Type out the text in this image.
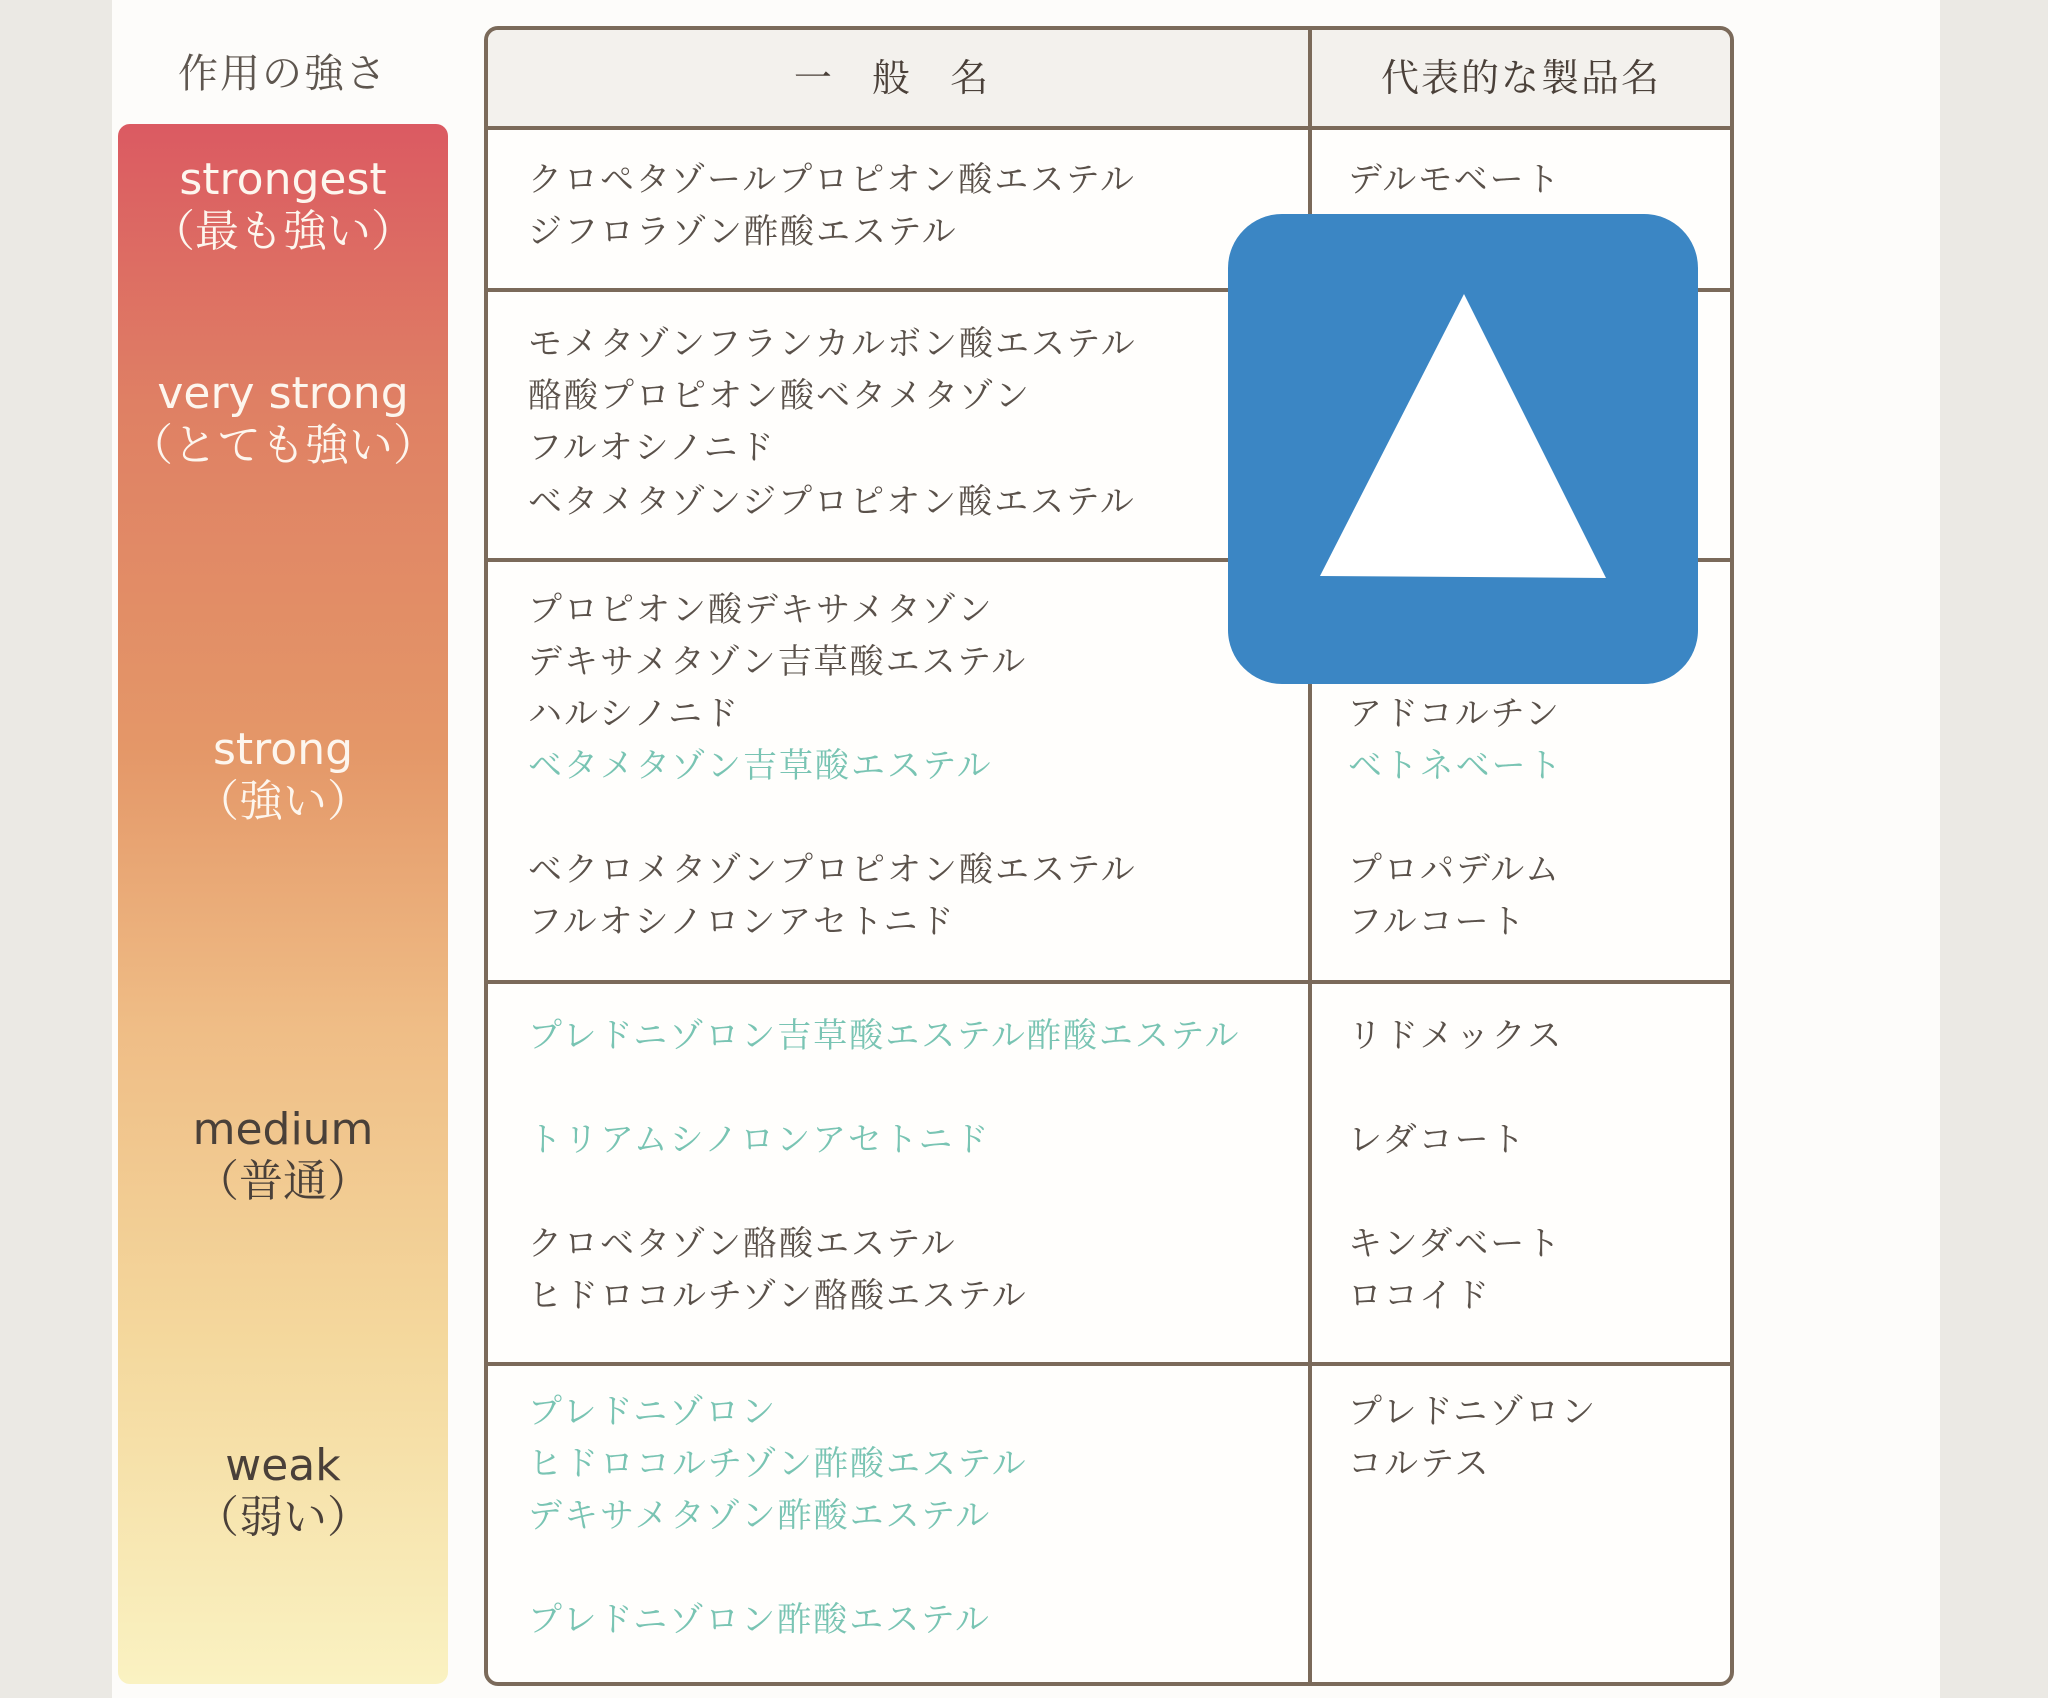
作用の強さ
strongest
（最も強い）
very strong
（とても強い）
strong
（強い）
medium
（普通）
weak
（弱い）
一 般 名	代表的な製品名
クロペタゾールプロピオン酸エステル
ジフロラゾン酢酸エステル
デルモベート
モメタゾンフランカルボン酸エステル
酪酸プロピオン酸ベタメタゾン
フルオシノニド
ベタメタゾンジプロピオン酸エステル
プロピオン酸デキサメタゾン
デキサメタゾン吉草酸エステル
ハルシノニド
ベタメタゾン吉草酸エステル
ベクロメタゾンプロピオン酸エステル
フルオシノロンアセトニド
アドコルチン
ベトネベート
プロパデルム
フルコート
プレドニゾロン吉草酸エステル酢酸エステル
トリアムシノロンアセトニド
クロベタゾン酪酸エステル
ヒドロコルチゾン酪酸エステル
リドメックス
レダコート
キンダベート
ロコイド
プレドニゾロン
ヒドロコルチゾン酢酸エステル
デキサメタゾン酢酸エステル
プレドニゾロン酢酸エステル
プレドニゾロン
コルテス
